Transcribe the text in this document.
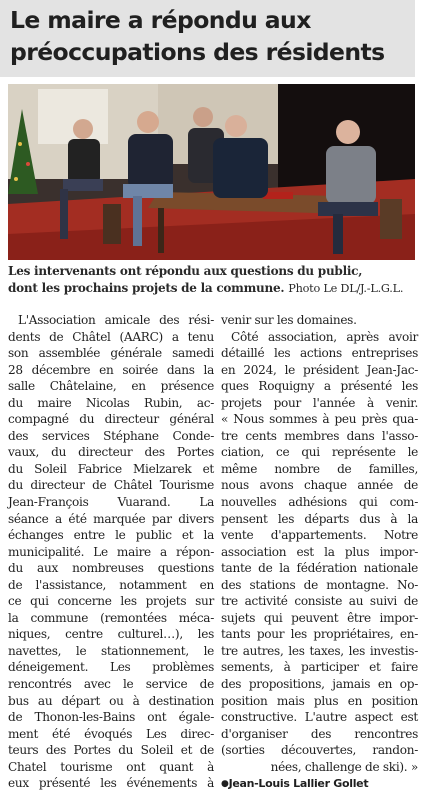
Le maire a répondu aux
préoccupations des résidents
Les intervenants ont répondu aux questions du public,
dont les prochains projets de la commune. Photo Le DL/J.-L.G.L.
L'Association amicale des rési-
dents de Châtel (AARC) a tenu
son assemblée générale samedi
28 décembre en soirée dans la
salle Châtelaine, en présence
du maire Nicolas Rubin, ac-
compagné du directeur général
des services Stéphane Conde-
vaux, du directeur des Portes
du Soleil Fabrice Mielzarek et
du directeur de Châtel Tourisme
Jean-François Vuarand. La
séance a été marquée par divers
échanges entre le public et la
municipalité. Le maire a répon-
du aux nombreuses questions
de l'assistance, notamment en
ce qui concerne les projets sur
la commune (remontées méca-
niques, centre culturel…), les
navettes, le stationnement, le
déneigement. Les problèmes
rencontrés avec le service de
bus au départ ou à destination
de Thonon-les-Bains ont égale-
ment été évoqués Les direc-
teurs des Portes du Soleil et de
Chatel tourisme ont quant à
eux présenté les événements à
venir sur les domaines.
Côté association, après avoir
détaillé les actions entreprises
en 2024, le président Jean-Jac-
ques Roquigny a présenté les
projets pour l'année à venir.
« Nous sommes à peu près qua-
tre cents membres dans l'asso-
ciation, ce qui représente le
même nombre de familles,
nous avons chaque année de
nouvelles adhésions qui com-
pensent les départs dus à la
vente d'appartements. Notre
association est la plus impor-
tante de la fédération nationale
des stations de montagne. No-
tre activité consiste au suivi de
sujets qui peuvent être impor-
tants pour les propriétaires, en-
tre autres, les taxes, les investis-
sements, à participer et faire
des propositions, jamais en op-
position mais plus en position
constructive. L'autre aspect est
d'organiser des rencontres
(sorties découvertes, randon-
nées, challenge de ski). »
●Jean-Louis Lallier Gollet
